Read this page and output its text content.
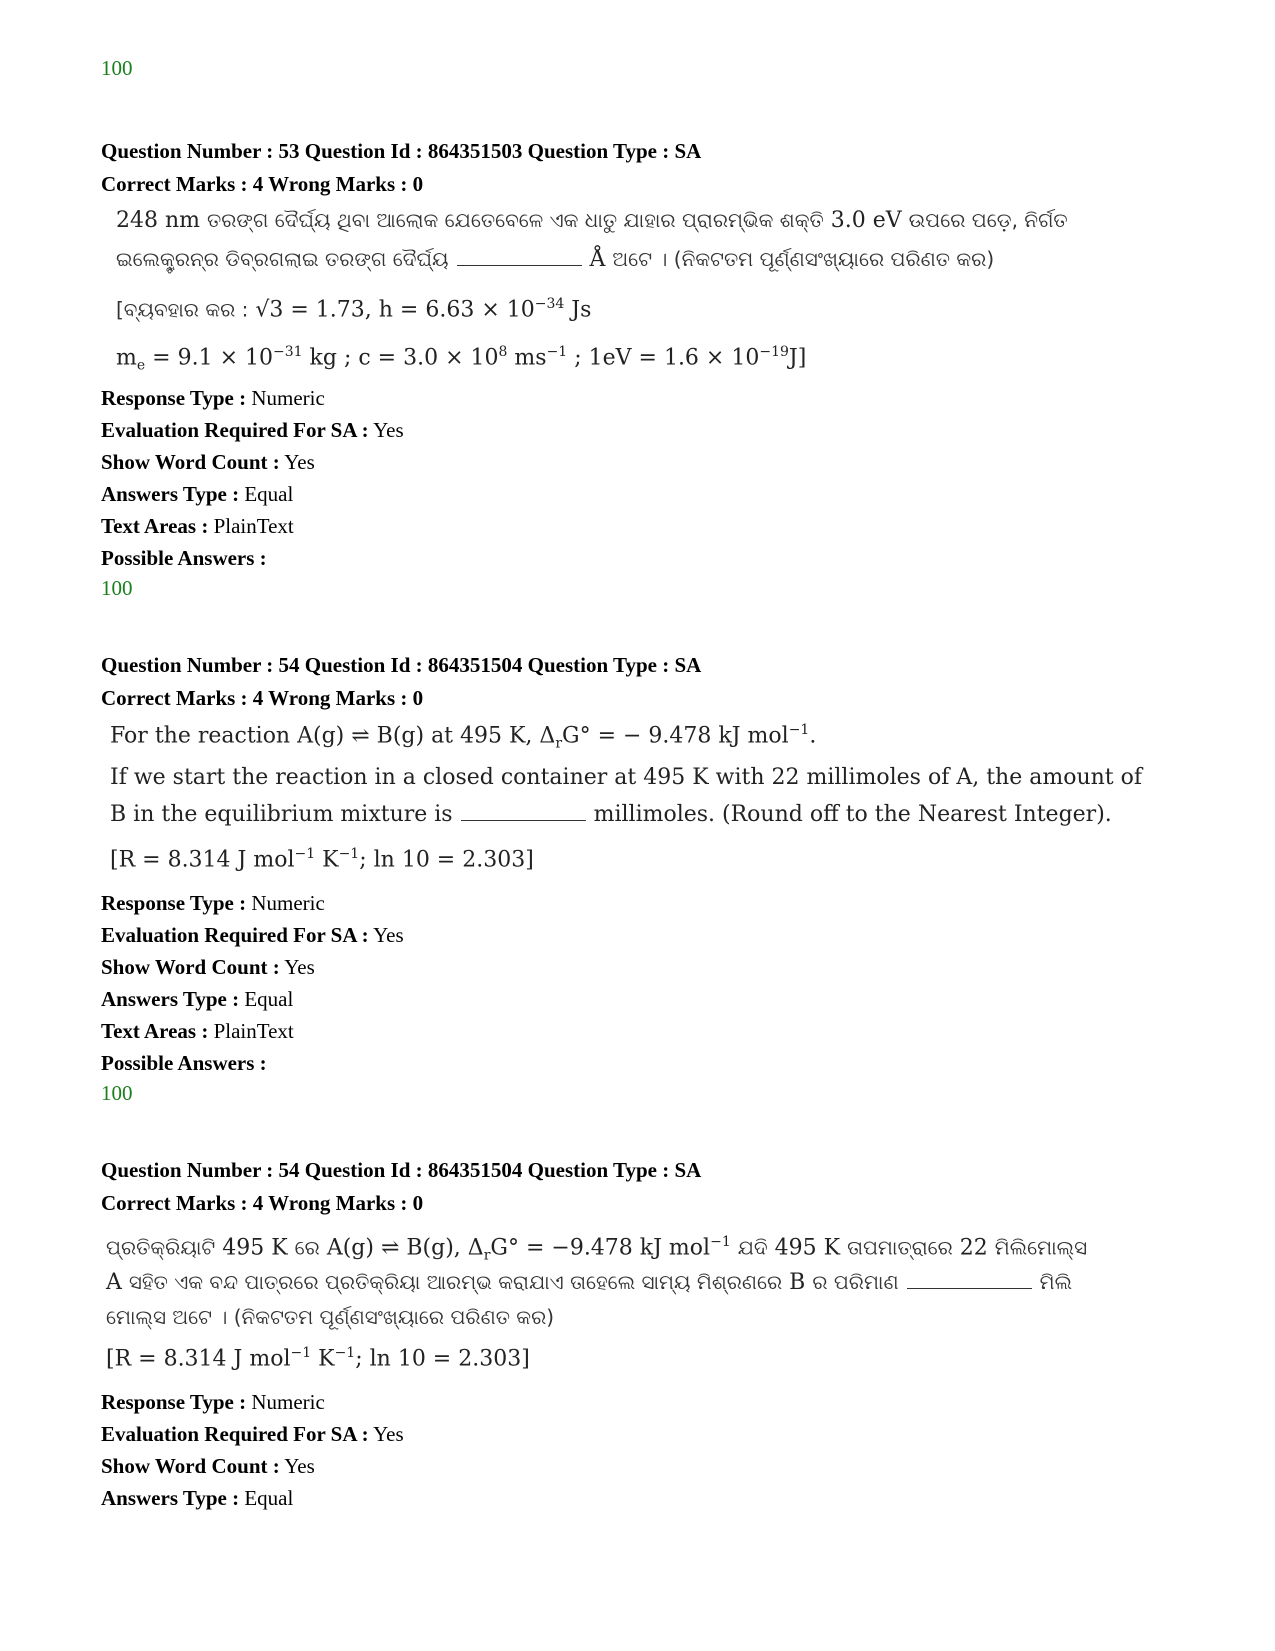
100
Question Number : 53 Question Id : 864351503 Question Type : SA
Correct Marks : 4 Wrong Marks : 0
248 nm ତରଙ୍ଗ ଦୈର୍ଘ୍ୟ ଥିବା ଆଲୋକ ଯେତେବେଳେ ଏକ ଧାତୁ ଯାହାର ପ୍ରାରମ୍ଭିକ ଶକ୍ତି 3.0 eV ଉପରେ ପଡ଼େ, ନିର୍ଗତ
ଇଲେକ୍ଟ୍ରନ୍‌ର ଡିବ୍ରଗଲାଇ ତରଙ୍ଗ ଦୈର୍ଘ୍ୟ	Å ଅଟେ । (ନିକଟତମ ପୂର୍ଣ୍ଣସଂଖ୍ୟାରେ ପରିଣତ କର)
[ବ୍ୟବହାର କର : √3 = 1.73, $h = 6.63 \times 10^{-34}$ Js
$m_e = 9.1 \times 10^{-31}$ kg ; $c = 3.0 \times 10^8$ $ms^{-1}$ ; $1eV = 1.6 \times 10^{-19}J$]
Response Type : Numeric
Evaluation Required For SA : Yes
Show Word Count : Yes
Answers Type : Equal
Text Areas : PlainText
Possible Answers :
100
Question Number : 54 Question Id : 864351504 Question Type : SA
Correct Marks : 4 Wrong Marks : 0
For the reaction A(g) ⇌ B(g) at 495 K, $\Delta_rG^\circ$ = − 9.478 kJ mol$^{-1}$.
If we start the reaction in a closed container at 495 K with 22 millimoles of A, the amount of
B in the equilibrium mixture is	millimoles. (Round off to the Nearest Integer).
[R = 8.314 J mol$^{-1}$ $K^{-1}$; ln 10 = 2.303]
Response Type : Numeric
Evaluation Required For SA : Yes
Show Word Count : Yes
Answers Type : Equal
Text Areas : PlainText
Possible Answers :
100
Question Number : 54 Question Id : 864351504 Question Type : SA
Correct Marks : 4 Wrong Marks : 0
ପ୍ରତିକ୍ରିୟାଟି 495 K ରେ A(g) ⇌ B(g), $\Delta_rG^\circ = -9.478$ kJ mol$^{-1}$ ଯଦି 495 K ତାପମାତ୍ରାରେ 22 ମିଲିମୋଲ୍‌ସ
A ସହିତ ଏକ ବନ୍ଦ ପାତ୍ରରେ ପ୍ରତିକ୍ରିୟା ଆରମ୍ଭ କରାଯାଏ ତାହେଲେ ସାମ୍ୟ ମିଶ୍ରଣରେ B ର ପରିମାଣ	ମିଲି
ମୋଲ୍‌ସ ଅଟେ । (ନିକଟତମ ପୂର୍ଣ୍ଣସଂଖ୍ୟାରେ ପରିଣତ କର)
[R = 8.314 J mol$^{-1}$ $K^{-1}$; ln 10 = 2.303]
Response Type : Numeric
Evaluation Required For SA : Yes
Show Word Count : Yes
Answers Type : Equal
